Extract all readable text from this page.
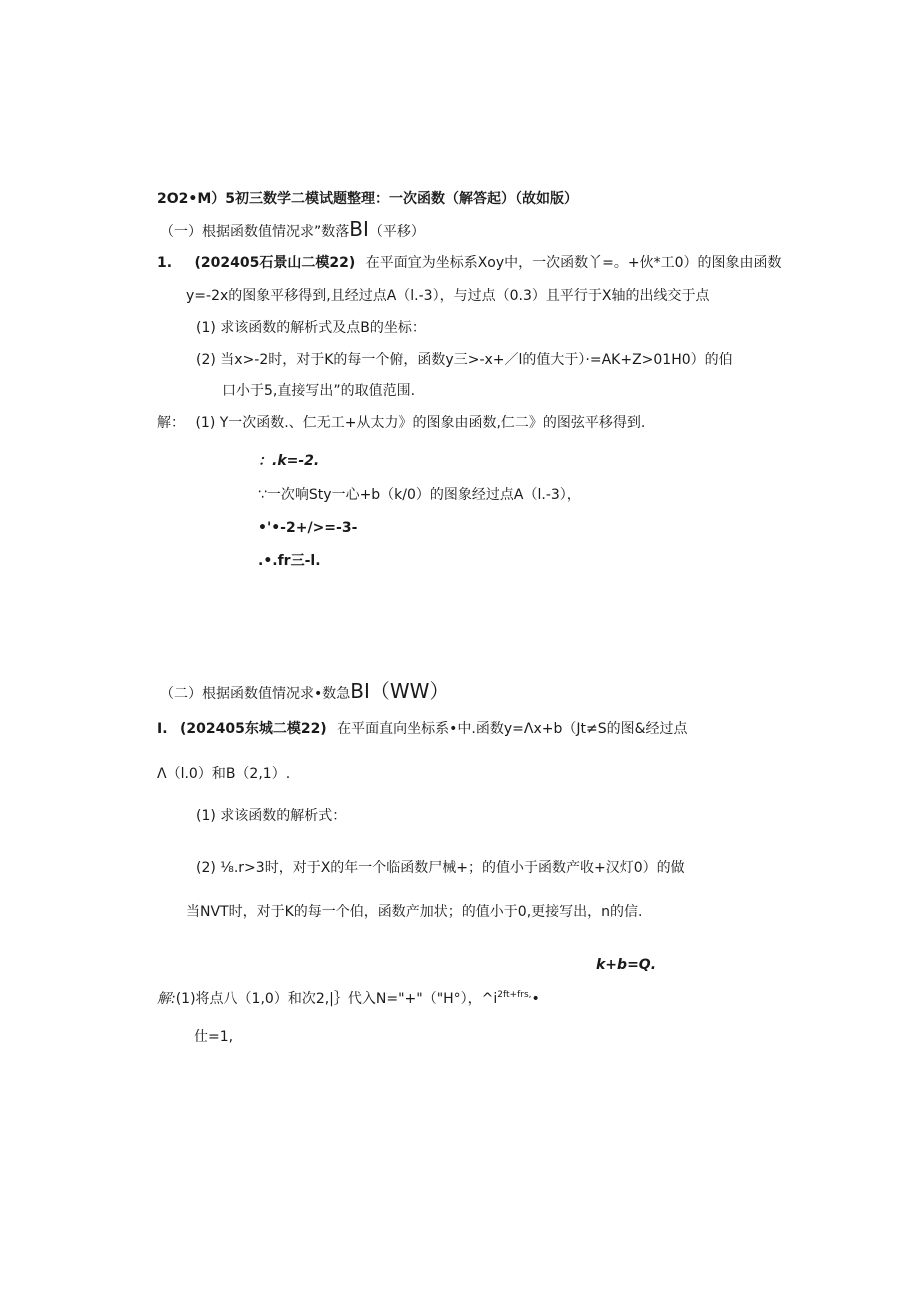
2O2•M）5初三数学二模试题整理：一次函数（解答起）（故如版）
（一）根据函数值情况求”数落BI（平移）
1. (202405石景山二模22) 在平面宜为坐标系Xoy中，一次函数丫=。+伙*工0）的图象由函数
y=-2x的图象平移得到,且经过点A（l.-3），与过点（0.3）且平行于X轴的出线交于点
(1) 求该函数的解析式及点B的坐标：
(2) 当x>-2时，对于K的每一个俯，函数y三>-x+／l的值大于）·=AK+Z>01H0）的伯
口小于5,直接写出”的取值范围.
解： (1) Y一次函数.、仁无工+从太力》的图象由函数,仁二》的图弦平移得到.
：.k=-2.
∵一次响Sty一心+b（k/0）的图象经过点A（l.-3），
•'•-2+/>=-3-
.•.fr三-l.
（二）根据函数值情况求•数急BI（WW）
I. (202405东城二模22) 在平面直向坐标系•中.函数y=Λx+b（Jt≠S的图&经过点
Λ（l.0）和B（2,1）.
(1) 求该函数的解析式：
(2) ⅛.r>3时，对于X的年一个临函数尸械+；的值小于函数产收+汉灯0）的做
当NVT时，对于K的每一个伯，函数产加状；的值小于0,更接写出，n的信.
k+b=Q.
解:(1)将点八（1,0）和次2,|｝代入N="+"（"H°），$\^{}i^{2ft+frs,}•$
仕=1,
